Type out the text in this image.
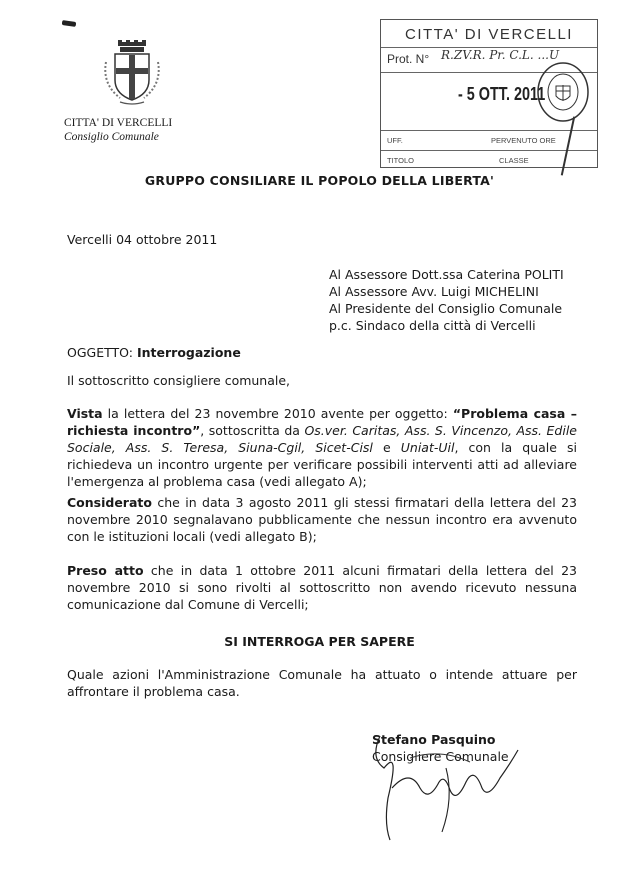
CITTA' DI VERCELLI
Consiglio Comunale
CITTA' DI VERCELLI
Prot. N° R.ZV.R. Pr. C.L. ...U
- 5 OTT. 2011
UFF.	PERVENUTO ORE
TITOLO	CLASSE
GRUPPO CONSILIARE IL POPOLO DELLA LIBERTA'
Vercelli 04 ottobre 2011
Al Assessore Dott.ssa Caterina POLITI
Al Assessore Avv. Luigi MICHELINI
Al Presidente del Consiglio Comunale
p.c. Sindaco della città di Vercelli
OGGETTO: Interrogazione
Il sottoscritto consigliere comunale,
Vista la lettera del 23 novembre 2010 avente per oggetto: “Problema casa – richiesta incontro”, sottoscritta da Os.ver. Caritas, Ass. S. Vincenzo, Ass. Edile Sociale, Ass. S. Teresa, Siuna-Cgil, Sicet-Cisl e Uniat-Uil, con la quale si richiedeva un incontro urgente per verificare possibili interventi atti ad alleviare l'emergenza al problema casa (vedi allegato A);
Considerato che in data 3 agosto 2011 gli stessi firmatari della lettera del 23 novembre 2010 segnalavano pubblicamente che nessun incontro era avvenuto con le istituzioni locali (vedi allegato B);
Preso atto che in data 1 ottobre 2011 alcuni firmatari della lettera del 23 novembre 2010 si sono rivolti al sottoscritto non avendo ricevuto nessuna comunicazione dal Comune di Vercelli;
SI INTERROGA PER SAPERE
Quale azioni l'Amministrazione Comunale ha attuato o intende attuare per affrontare il problema casa.
Stefano Pasquino
Consigliere Comunale
